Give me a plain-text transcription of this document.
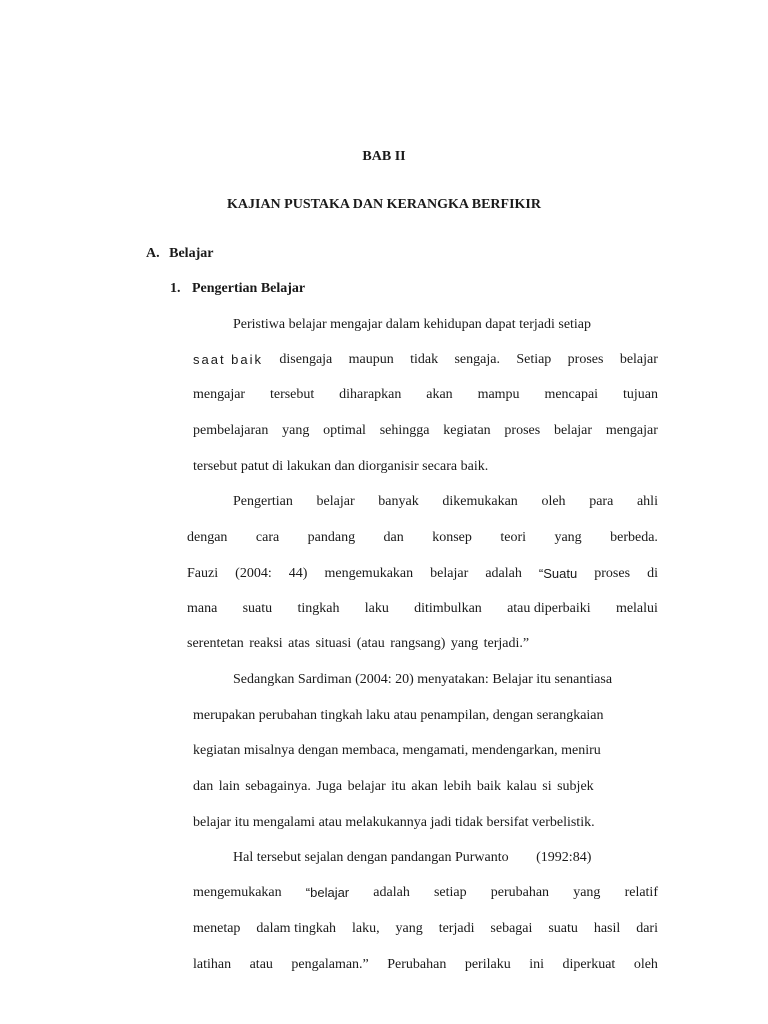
BAB II
KAJIAN PUSTAKA DAN KERANGKA BERFIKIR
A. Belajar
1. Pengertian Belajar
Peristiwa belajar mengajar dalam kehidupan dapat terjadi setiap
saat baik disengaja maupun tidak sengaja. Setiap proses belajar
mengajar tersebut diharapkan akan mampu mencapai tujuan
pembelajaran yang optimal sehingga kegiatan proses belajar mengajar
tersebut patut di lakukan dan diorganisir secara baik.
Pengertian belajar banyak dikemukakan oleh para ahli
dengan cara pandang dan konsep teori yang berbeda.
Fauzi (2004: 44) mengemukakan belajar adalah “Suatu proses di
mana suatu tingkah laku ditimbulkan atau diperbaiki melalui
serentetan reaksi atas situasi (atau rangsang) yang terjadi.”
Sedangkan Sardiman (2004: 20) menyatakan: Belajar itu senantiasa
merupakan perubahan tingkah laku atau penampilan, dengan serangkaian
kegiatan misalnya dengan membaca, mengamati, mendengarkan, meniru
dan lain sebagainya. Juga belajar itu akan lebih baik kalau si subjek
belajar itu mengalami atau melakukannya jadi tidak bersifat verbelistik.
Hal tersebut sejalan dengan pandangan Purwanto (1992:84)
mengemukakan “belajar adalah setiap perubahan yang relatif
menetap dalam tingkah laku, yang terjadi sebagai suatu hasil dari
latihan atau pengalaman.” Perubahan perilaku ini diperkuat oleh
